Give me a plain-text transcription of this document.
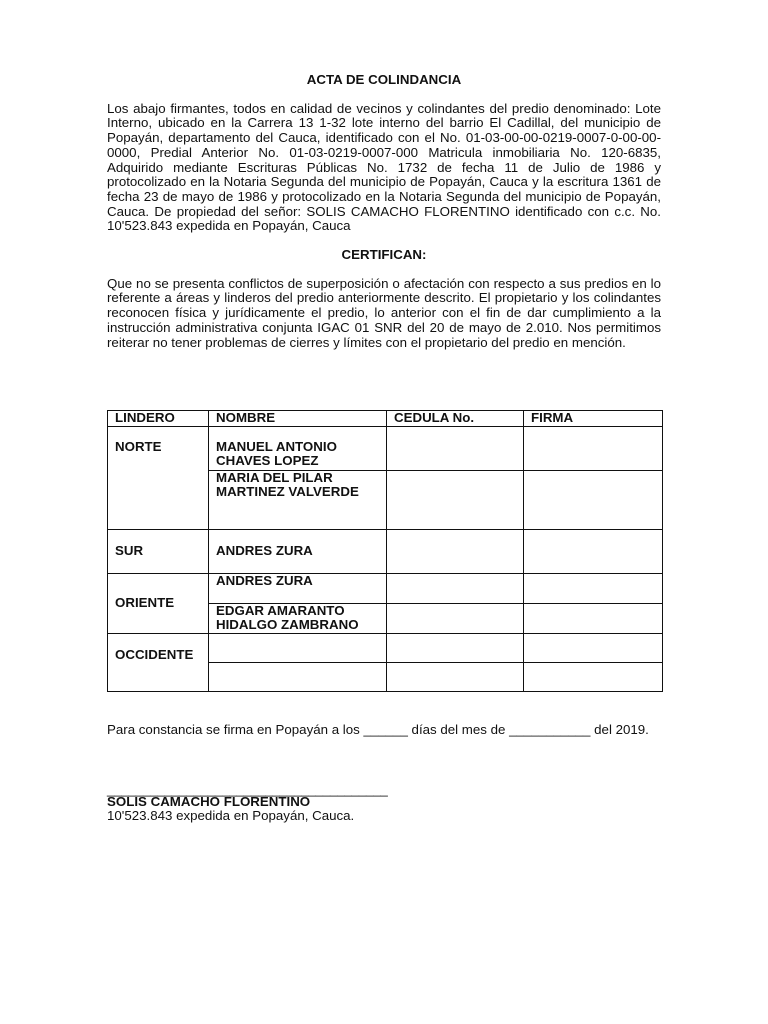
ACTA DE COLINDANCIA

Los abajo firmantes, todos en calidad de vecinos y colindantes del predio denominado: Lote Interno, ubicado en la Carrera 13 1-32 lote interno del barrio El Cadillal, del municipio de Popayán, departamento del Cauca, identificado con el No. 01-03-00-00-0219-0007-0-00-00-0000, Predial Anterior No. 01-03-0219-0007-000 Matricula inmobiliaria No. 120-6835, Adquirido mediante Escrituras Públicas No. 1732 de fecha 11 de Julio de 1986 y protocolizado en la Notaria Segunda del municipio de Popayán, Cauca y la escritura 1361 de fecha 23 de mayo de 1986 y protocolizado en la Notaria Segunda del municipio de Popayán, Cauca. De propiedad del señor: SOLIS CAMACHO FLORENTINO identificado con c.c. No. 10'523.843 expedida en Popayán, Cauca

CERTIFICAN:

Que no se presenta conflictos de superposición o afectación con respecto a sus predios en lo referente a áreas y linderos del predio anteriormente descrito. El propietario y los colindantes reconocen física y jurídicamente el predio, lo anterior con el fin de dar cumplimiento a la instrucción administrativa conjunta IGAC 01 SNR del 20 de mayo de 2.010. Nos permitimos reiterar no tener problemas de cierres y límites con el propietario del predio en mención.

LINDERO	NOMBRE	CEDULA No.	FIRMA
NORTE	MANUEL ANTONIO CHAVES LOPEZ		
	MARIA DEL PILAR MARTINEZ VALVERDE		
SUR	ANDRES ZURA		
ORIENTE	ANDRES ZURA		
	EDGAR AMARANTO HIDALGO ZAMBRANO		
OCCIDENTE			

Para constancia se firma en Popayán a los ______ días del mes de ___________ del 2019.

_______________________________________

SOLIS CAMACHO FLORENTINO

10'523.843 expedida en Popayán, Cauca.
